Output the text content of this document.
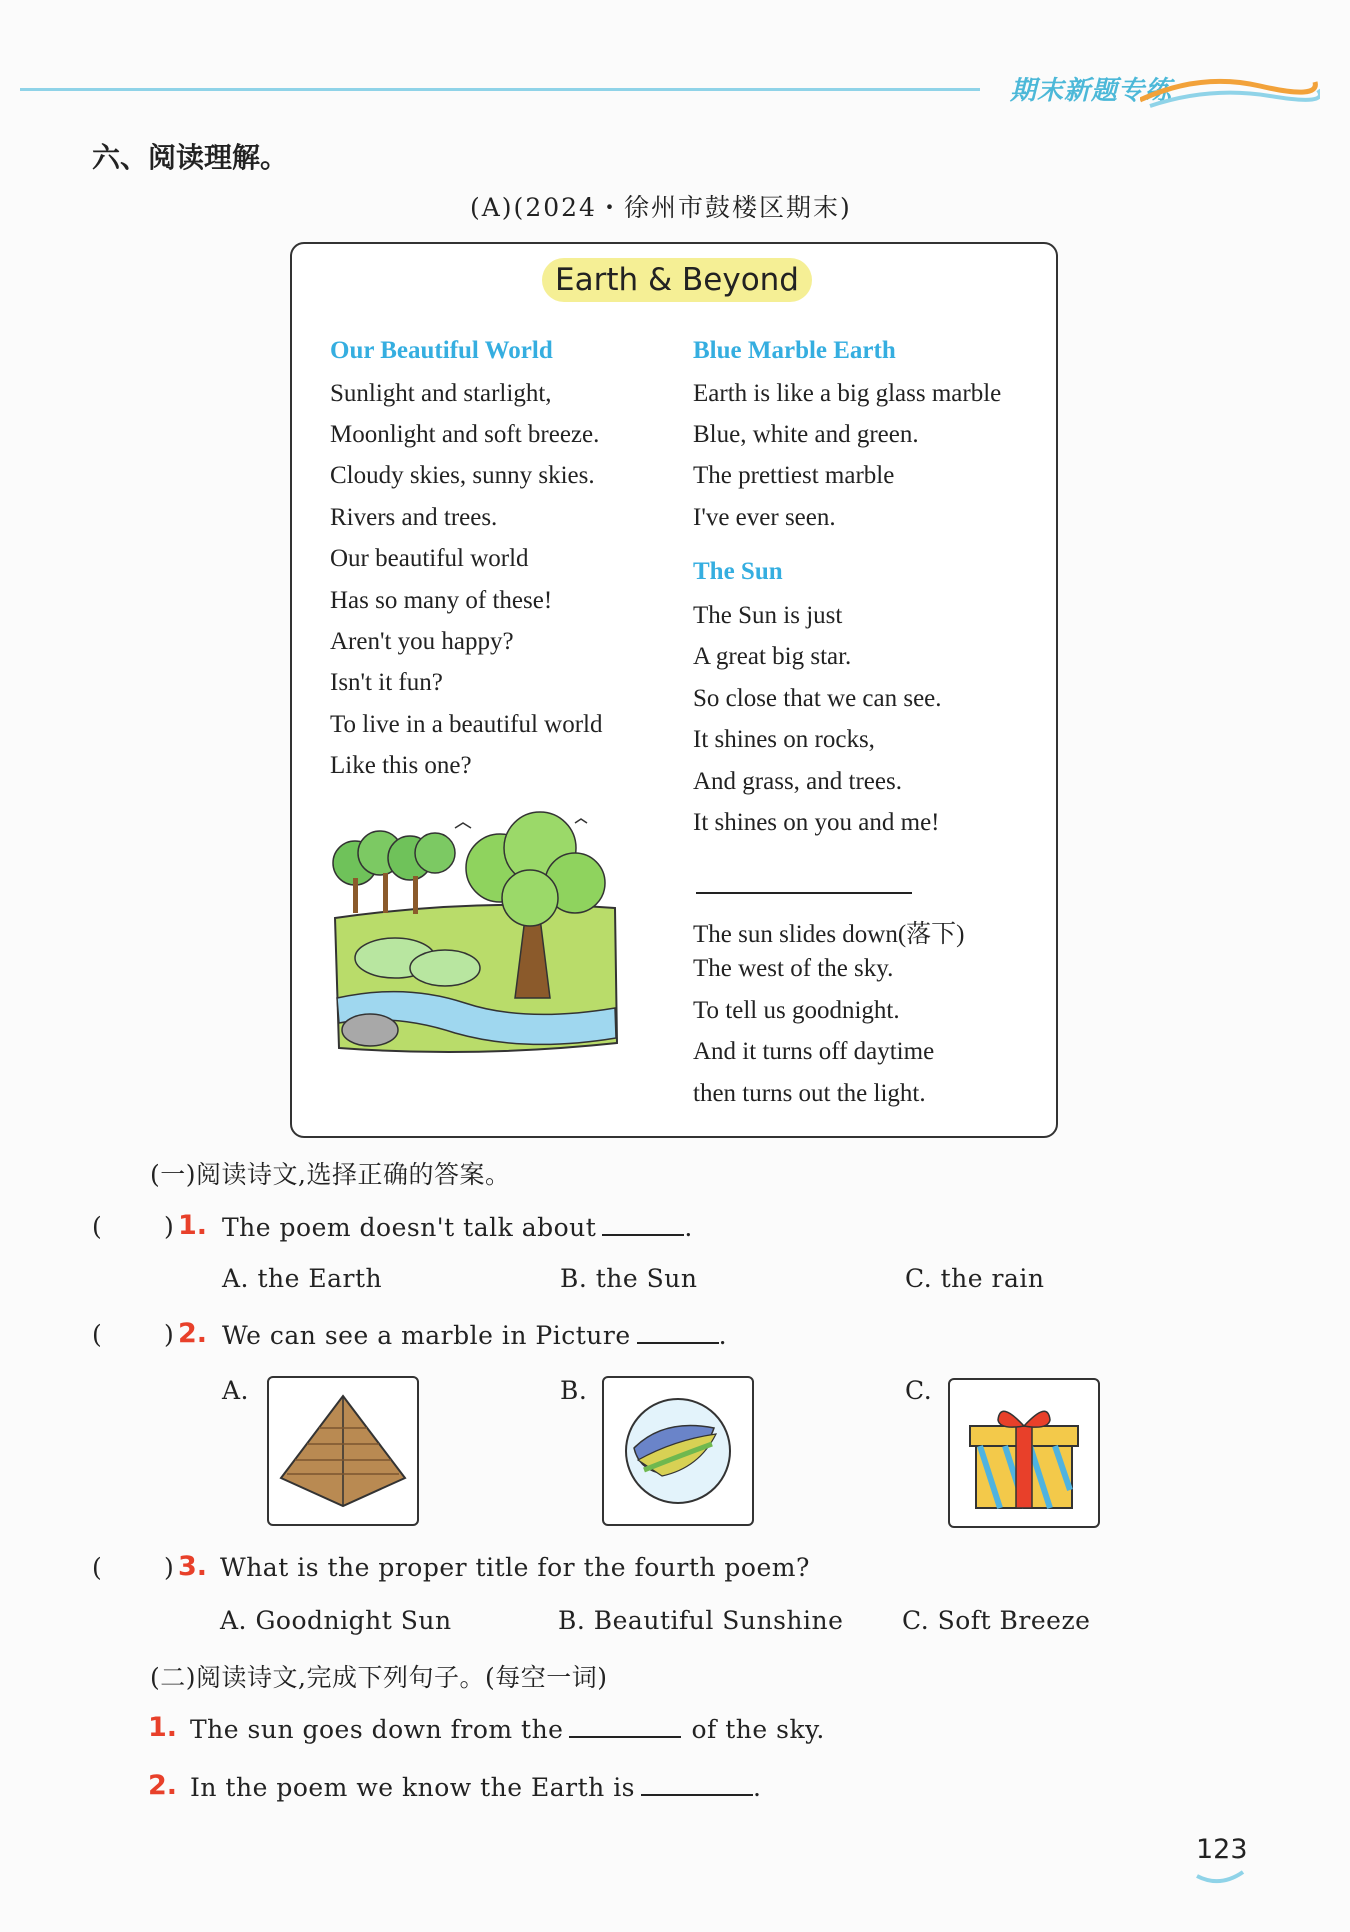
期末新题专练
六、阅读理解。
(A)(2024・徐州市鼓楼区期末)
Earth & Beyond
Our Beautiful World
Sunlight and starlight,
Moonlight and soft breeze.
Cloudy skies, sunny skies.
Rivers and trees.
Our beautiful world
Has so many of these!
Aren't you happy?
Isn't it fun?
To live in a beautiful world
Like this one?
Blue Marble Earth
Earth is like a big glass marble
Blue, white and green.
The prettiest marble
I've ever seen.
The Sun
The Sun is just
A great big star.
So close that we can see.
It shines on rocks,
And grass, and trees.
It shines on you and me!
The sun slides down(落下)
The west of the sky.
To tell us goodnight.
And it turns off daytime
then turns out the light.
(一)阅读诗文,选择正确的答案。
( ) 1. The poem doesn't talk about	.
A. the Earth	B. the Sun	C. the rain
( ) 2. We can see a marble in Picture	.
A.	B.	C.
( ) 3. What is the proper title for the fourth poem?
A. Goodnight Sun	B. Beautiful Sunshine C. Soft Breeze
(二)阅读诗文,完成下列句子。(每空一词)
1. The sun goes down from the	of the sky.
2. In the poem we know the Earth is	.
123
